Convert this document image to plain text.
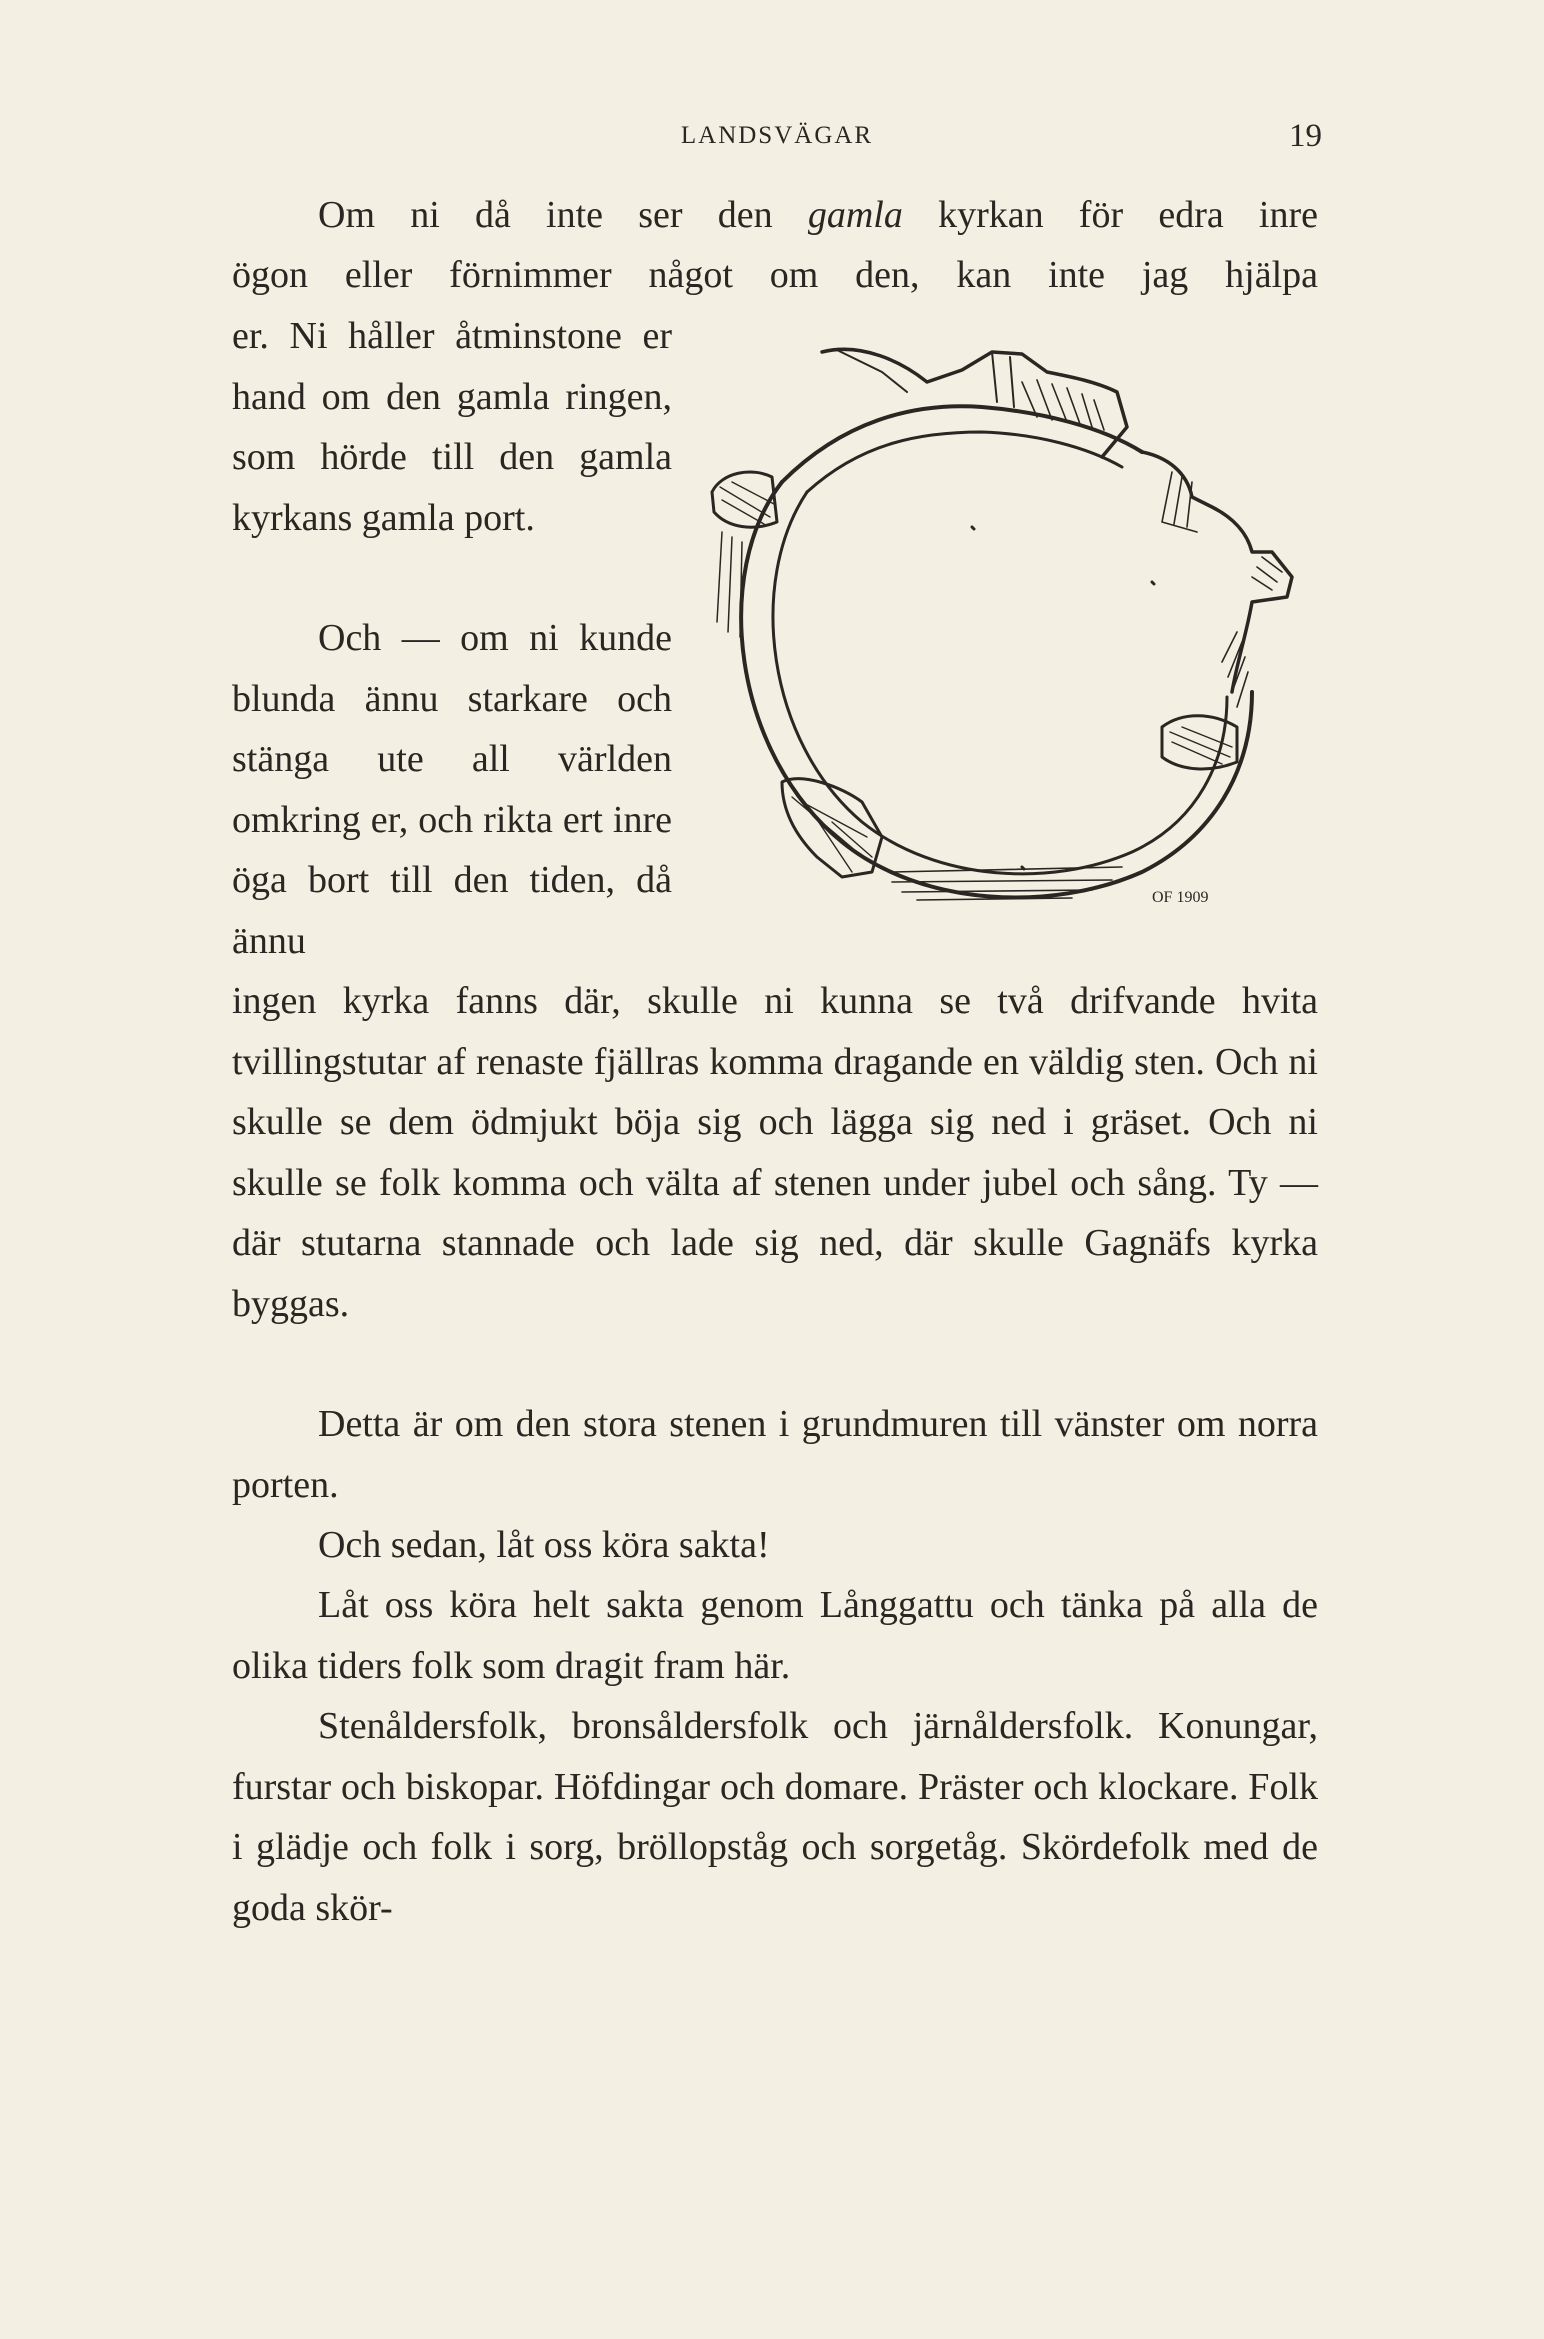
LANDSVÄGAR	19

Om ni då inte ser den gamla kyrkan för edra inre

ögon eller förnimmer något om den, kan inte jag hjälpa

er. Ni håller åtminstone er hand om den gamla ringen, som hörde till den gamla kyrkans gamla port.

Och — om ni kunde blunda ännu starkare och stänga ute all världen omkring er, och rikta ert inre öga bort till den tiden, då ännu

ingen kyrka fanns där, skulle ni kunna se två drifvande hvita tvillingstutar af renaste fjällras komma dragande en väldig sten. Och ni skulle se dem ödmjukt böja sig och lägga sig ned i gräset. Och ni skulle se folk komma och välta af stenen under jubel och sång. Ty — där stutarna stannade och lade sig ned, där skulle Gagnäfs kyrka byggas.

Detta är om den stora stenen i grundmuren till vänster om norra porten.

Och sedan, låt oss köra sakta!

Låt oss köra helt sakta genom Långgattu och tänka på alla de olika tiders folk som dragit fram här.

Stenåldersfolk, bronsåldersfolk och järnåldersfolk. Konungar, furstar och biskopar. Höfdingar och domare. Präster och klockare. Folk i glädje och folk i sorg, bröllopståg och sorgetåg. Skördefolk med de goda skör-

OF 1909
